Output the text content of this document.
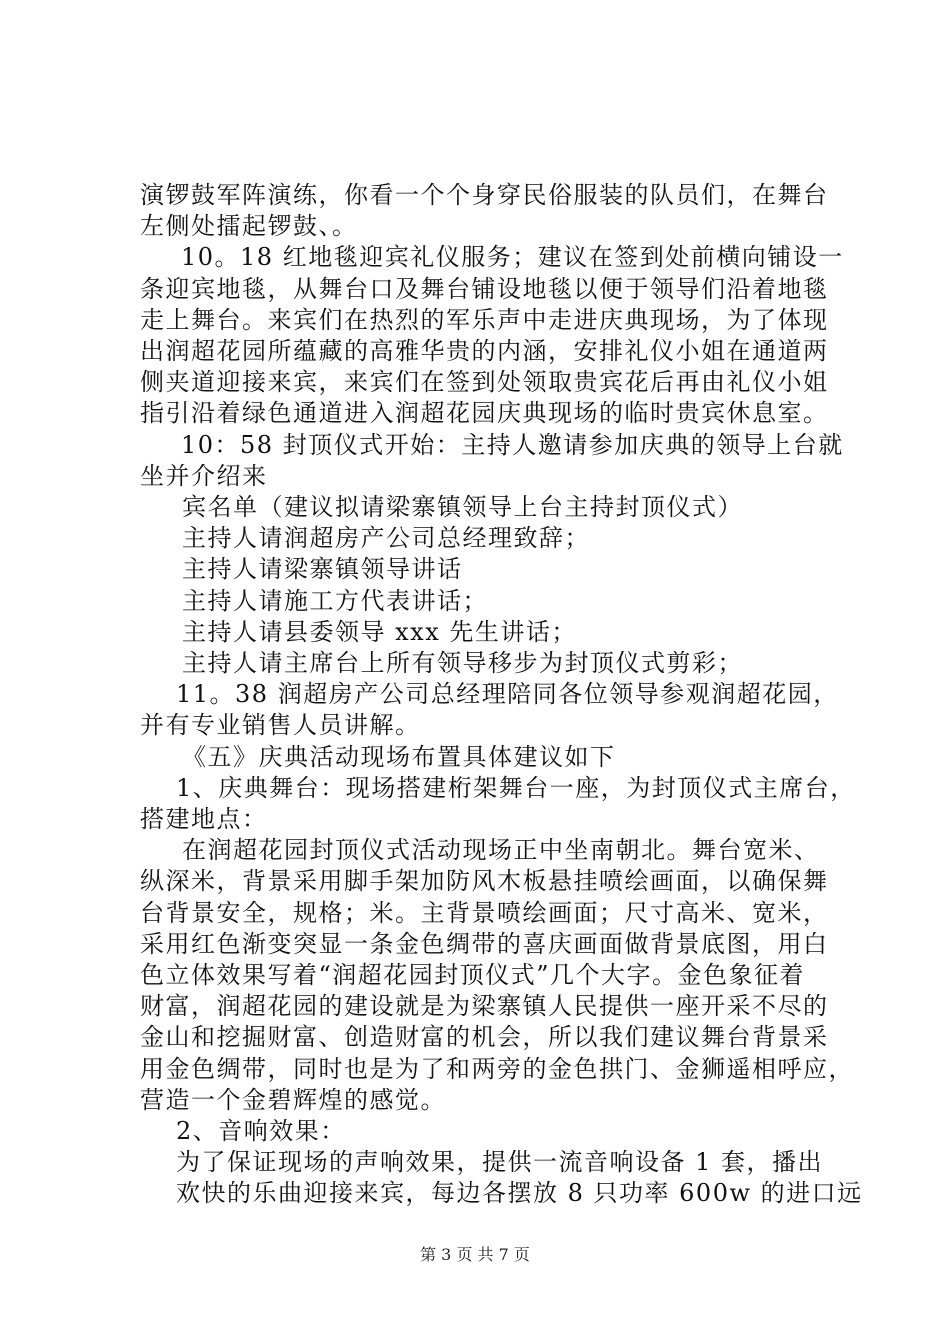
演锣鼓军阵演练，你看一个个身穿民俗服装的队员们，在舞台
左侧处擂起锣鼓、。
10。18 红地毯迎宾礼仪服务；建议在签到处前横向铺设一
条迎宾地毯，从舞台口及舞台铺设地毯以便于领导们沿着地毯
走上舞台。来宾们在热烈的军乐声中走进庆典现场，为了体现
出润超花园所蕴藏的高雅华贵的内涵，安排礼仪小姐在通道两
侧夹道迎接来宾，来宾们在签到处领取贵宾花后再由礼仪小姐
指引沿着绿色通道进入润超花园庆典现场的临时贵宾休息室。
10：58 封顶仪式开始：主持人邀请参加庆典的领导上台就
坐并介绍来
宾名单（建议拟请梁寨镇领导上台主持封顶仪式）
主持人请润超房产公司总经理致辞；
主持人请梁寨镇领导讲话
主持人请施工方代表讲话；
主持人请县委领导 xxx 先生讲话；
主持人请主席台上所有领导移步为封顶仪式剪彩；
11。38 润超房产公司总经理陪同各位领导参观润超花园，
并有专业销售人员讲解。
《五》庆典活动现场布置具体建议如下
1、庆典舞台：现场搭建桁架舞台一座，为封顶仪式主席台，
搭建地点：
在润超花园封顶仪式活动现场正中坐南朝北。舞台宽米、
纵深米，背景采用脚手架加防风木板悬挂喷绘画面，以确保舞
台背景安全，规格；米。主背景喷绘画面；尺寸高米、宽米，
采用红色渐变突显一条金色绸带的喜庆画面做背景底图，用白
色立体效果写着“润超花园封顶仪式”几个大字。金色象征着
财富，润超花园的建设就是为梁寨镇人民提供一座开采不尽的
金山和挖掘财富、创造财富的机会，所以我们建议舞台背景采
用金色绸带，同时也是为了和两旁的金色拱门、金狮遥相呼应，
营造一个金碧辉煌的感觉。
2、音响效果：
为了保证现场的声响效果，提供一流音响设备 1 套，播出
欢快的乐曲迎接来宾，每边各摆放 8 只功率 600w 的进口远
第 3 页 共 7 页
